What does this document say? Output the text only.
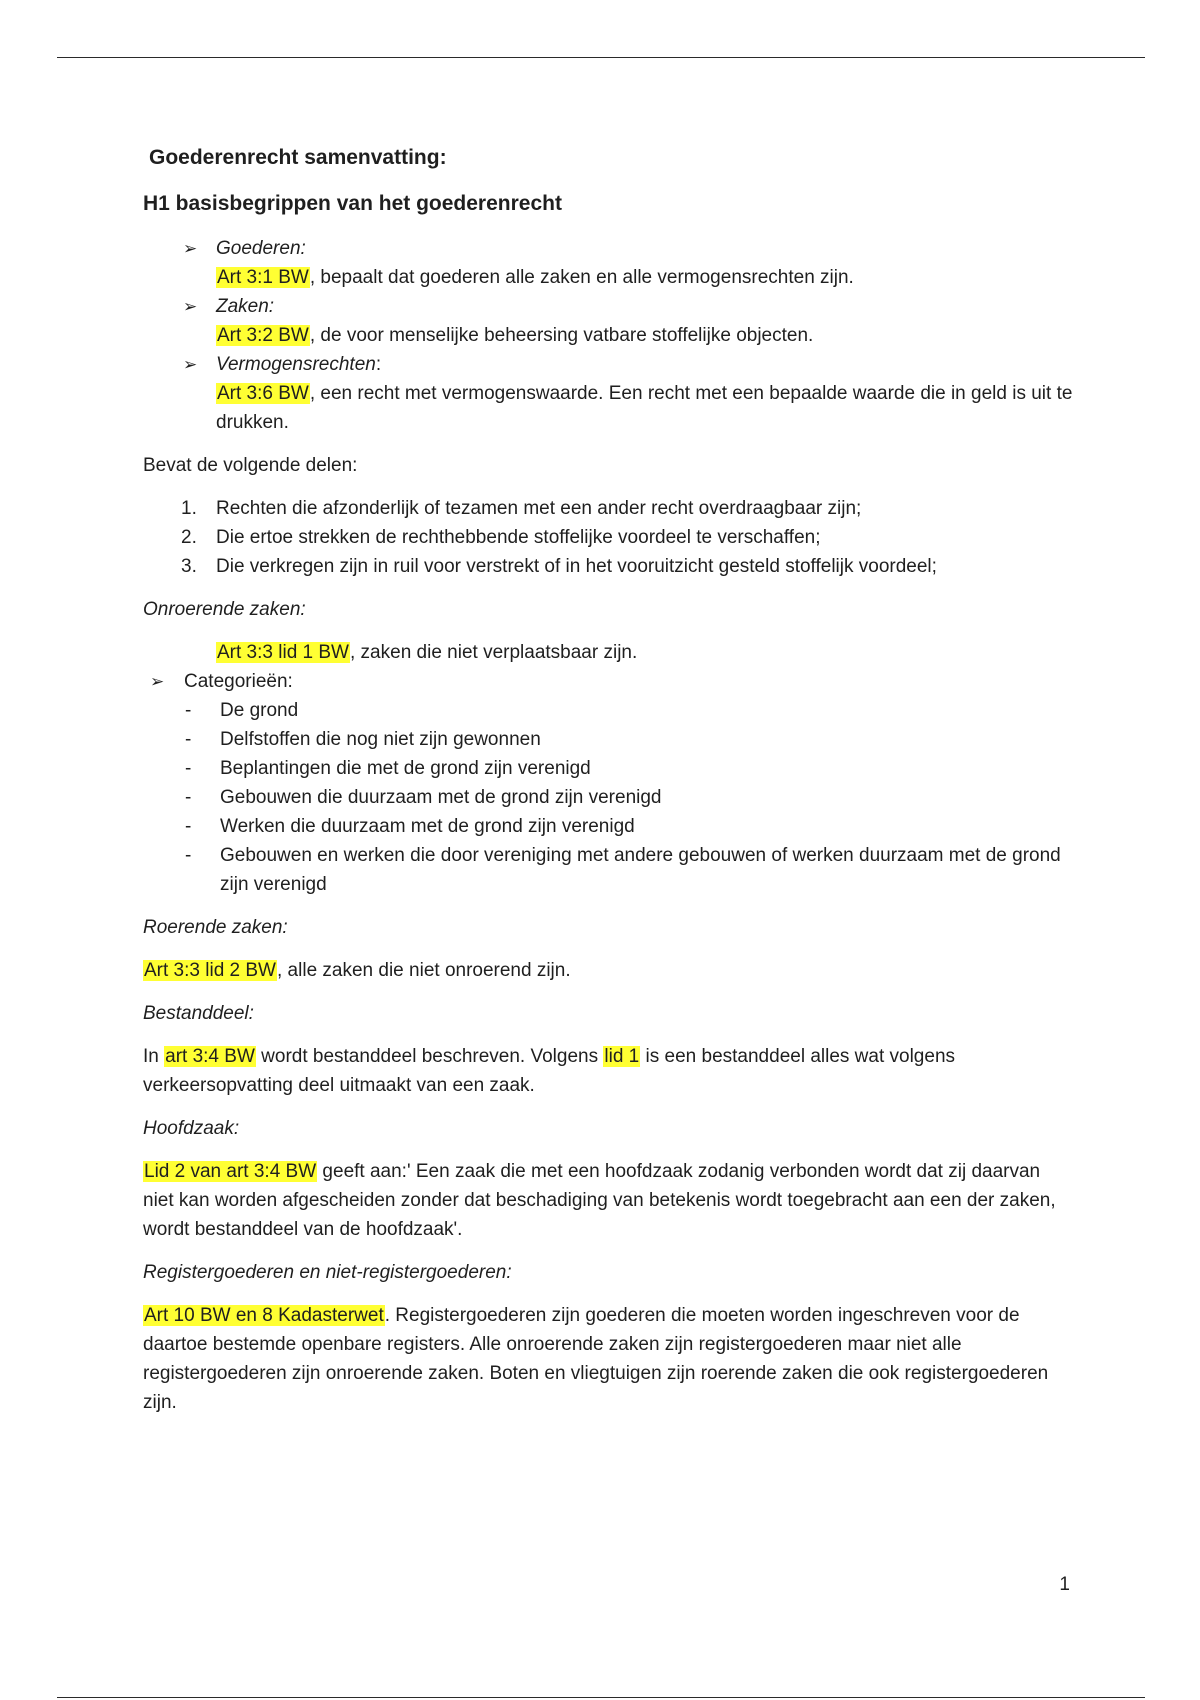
Goederenrecht samenvatting:
H1 basisbegrippen van het goederenrecht
➢ Goederen:
Art 3:1 BW, bepaalt dat goederen alle zaken en alle vermogensrechten zijn.
➢ Zaken:
Art 3:2 BW, de voor menselijke beheersing vatbare stoffelijke objecten.
➢ Vermogensrechten:
Art 3:6 BW, een recht met vermogenswaarde. Een recht met een bepaalde waarde die in geld is uit te drukken.

Bevat de volgende delen:

1. Rechten die afzonderlijk of tezamen met een ander recht overdraagbaar zijn;
2. Die ertoe strekken de rechthebbende stoffelijke voordeel te verschaffen;
3. Die verkregen zijn in ruil voor verstrekt of in het vooruitzicht gesteld stoffelijk voordeel;

Onroerende zaken:

Art 3:3 lid 1 BW, zaken die niet verplaatsbaar zijn.

➢ Categorieën:

- De grond
- Delfstoffen die nog niet zijn gewonnen
- Beplantingen die met de grond zijn verenigd
- Gebouwen die duurzaam met de grond zijn verenigd
- Werken die duurzaam met de grond zijn verenigd
- Gebouwen en werken die door vereniging met andere gebouwen of werken duurzaam met de grond zijn verenigd

Roerende zaken:

Art 3:3 lid 2 BW, alle zaken die niet onroerend zijn.

Bestanddeel:

In art 3:4 BW wordt bestanddeel beschreven. Volgens lid 1 is een bestanddeel alles wat volgens verkeersopvatting deel uitmaakt van een zaak.

Hoofdzaak:

Lid 2 van art 3:4 BW geeft aan:' Een zaak die met een hoofdzaak zodanig verbonden wordt dat zij daarvan niet kan worden afgescheiden zonder dat beschadiging van betekenis wordt toegebracht aan een der zaken, wordt bestanddeel van de hoofdzaak'.

Registergoederen en niet-registergoederen:

Art 10 BW en 8 Kadasterwet. Registergoederen zijn goederen die moeten worden ingeschreven voor de daartoe bestemde openbare registers. Alle onroerende zaken zijn registergoederen maar niet alle registergoederen zijn onroerende zaken. Boten en vliegtuigen zijn roerende zaken die ook registergoederen zijn.

1
